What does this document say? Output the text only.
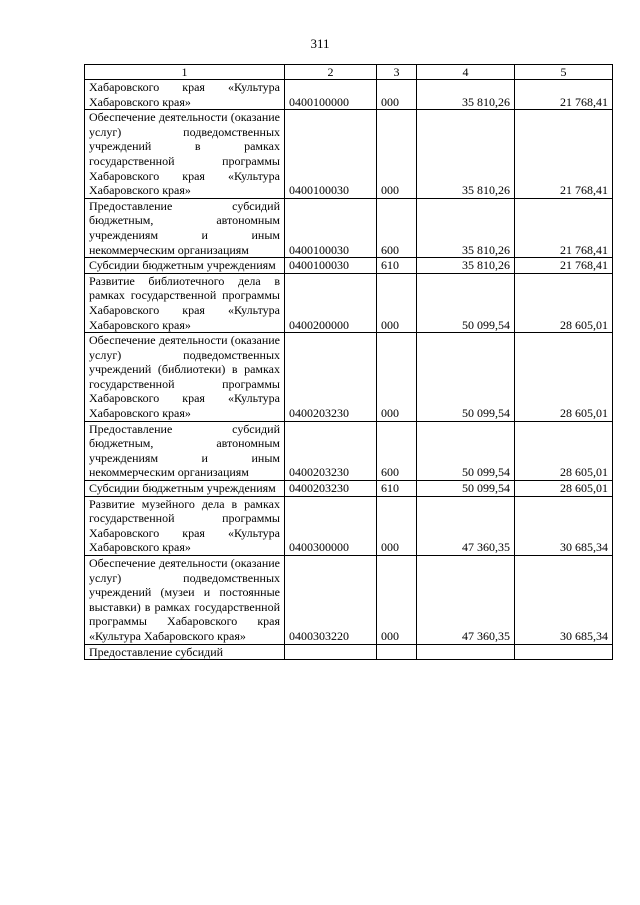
311
1	2	3	4	5
Хабаровского края «Культура Хабаровского края»	0400100000	000	35 810,26	21 768,41
Обеспечение деятельности (оказание услуг) подведомственных учреждений в рамках государственной программы Хабаровского края «Культура Хабаровского края»	0400100030	000	35 810,26	21 768,41
Предоставление субсидий бюджетным, автономным учреждениям и иным некоммерческим организациям	0400100030	600	35 810,26	21 768,41
Субсидии бюджетным учреждениям	0400100030	610	35 810,26	21 768,41
Развитие библиотечного дела в рамках государственной программы Хабаровского края «Культура Хабаровского края»	0400200000	000	50 099,54	28 605,01
Обеспечение деятельности (оказание услуг) подведомственных учреждений (библиотеки) в рамках государственной программы Хабаровского края «Культура Хабаровского края»	0400203230	000	50 099,54	28 605,01
Предоставление субсидий бюджетным, автономным учреждениям и иным некоммерческим организациям	0400203230	600	50 099,54	28 605,01
Субсидии бюджетным учреждениям	0400203230	610	50 099,54	28 605,01
Развитие музейного дела в рамках государственной программы Хабаровского края «Культура Хабаровского края»	0400300000	000	47 360,35	30 685,34
Обеспечение деятельности (оказание услуг) подведомственных учреждений (музеи и постоянные выставки) в рамках государственной программы Хабаровского края «Культура Хабаровского края»	0400303220	000	47 360,35	30 685,34
Предоставление субсидий				
